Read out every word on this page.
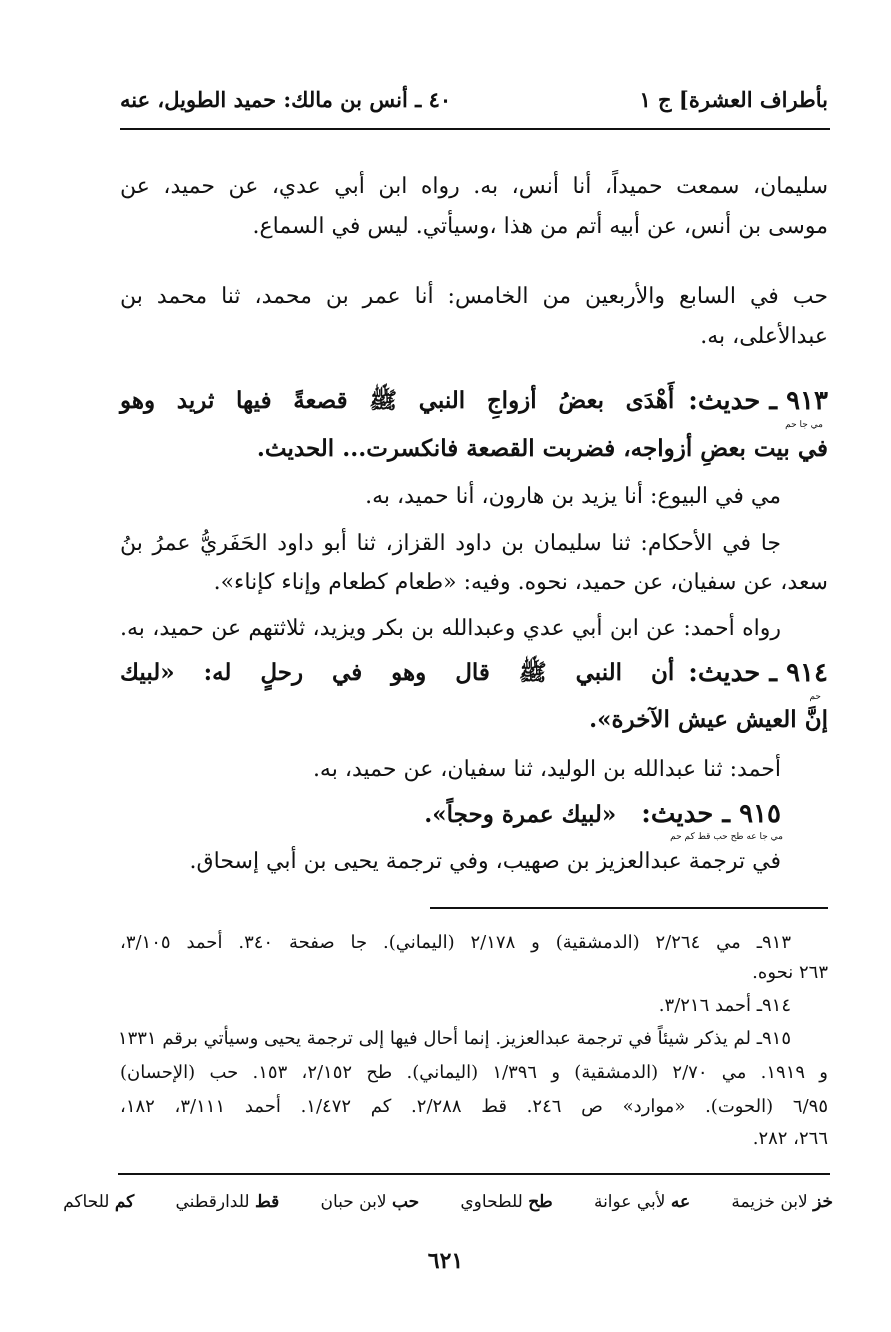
بأطراف العشرة] ج ١
٤٠ ـ أنس بن مالك: حميد الطويل، عنه
سليمان، سمعت حميداً، أنا أنس، به. رواه ابن أبي عدي، عن حميد، عن
موسى بن أنس، عن أبيه أتم من هذا ،وسيأتي. ليس في السماع.
حب في السابع والأربعين من الخامس: أنا عمر بن محمد، ثنا محمد بن
عبدالأعلى، به.
٩١٣ ـ حديث:
أَهْدَى بعضُ أزواجِ النبي ﷺ قصعةً فيها ثريد وهو
مي جا حم
في بيت بعضِ أزواجه، فضربت القصعة فانكسرت... الحديث.
مي في البيوع: أنا يزيد بن هارون، أنا حميد، به.
جا في الأحكام: ثنا سليمان بن داود القزاز، ثنا أبو داود الحَفَريُّ عمرُ بنُ
سعد، عن سفيان، عن حميد، نحوه. وفيه: «طعام كطعام وإناء كإناء».
رواه أحمد: عن ابن أبي عدي وعبدالله بن بكر ويزيد، ثلاثتهم عن حميد، به.
٩١٤ ـ حديث:
أن النبي ﷺ قال وهو في رحلٍ له: «لبيك
حم
إنَّ العيش عيش الآخرة».
أحمد: ثنا عبدالله بن الوليد، ثنا سفيان، عن حميد، به.
٩١٥ ـ حديث: «لبيك عمرة وحجاً».
مي جا عه طح حب قط كم حم
في ترجمة عبدالعزيز بن صهيب، وفي ترجمة يحيى بن أبي إسحاق.
٩١٣ـ مي ٢/٢٦٤ (الدمشقية) و ٢/١٧٨ (اليماني). جا صفحة ٣٤٠. أحمد ٣/١٠٥،
٢٦٣ نحوه.
٩١٤ـ أحمد ٣/٢١٦.
٩١٥ـ لم يذكر شيئاً في ترجمة عبدالعزيز. إنما أحال فيها إلى ترجمة يحيى وسيأتي برقم ١٣٣١
و ١٩١٩. مي ٢/٧٠ (الدمشقية) و ١/٣٩٦ (اليماني). طح ٢/١٥٢، ١٥٣. حب (الإحسان)
٦/٩٥ (الحوت). «موارد» ص ٢٤٦. قط ٢/٢٨٨. كم ١/٤٧٢. أحمد ٣/١١١، ١٨٢،
٢٦٦، ٢٨٢.
خز لابن خزيمة
عه لأبي عوانة
طح للطحاوي
حب لابن حبان
قط للدارقطني
كم للحاكم
٦٢١
